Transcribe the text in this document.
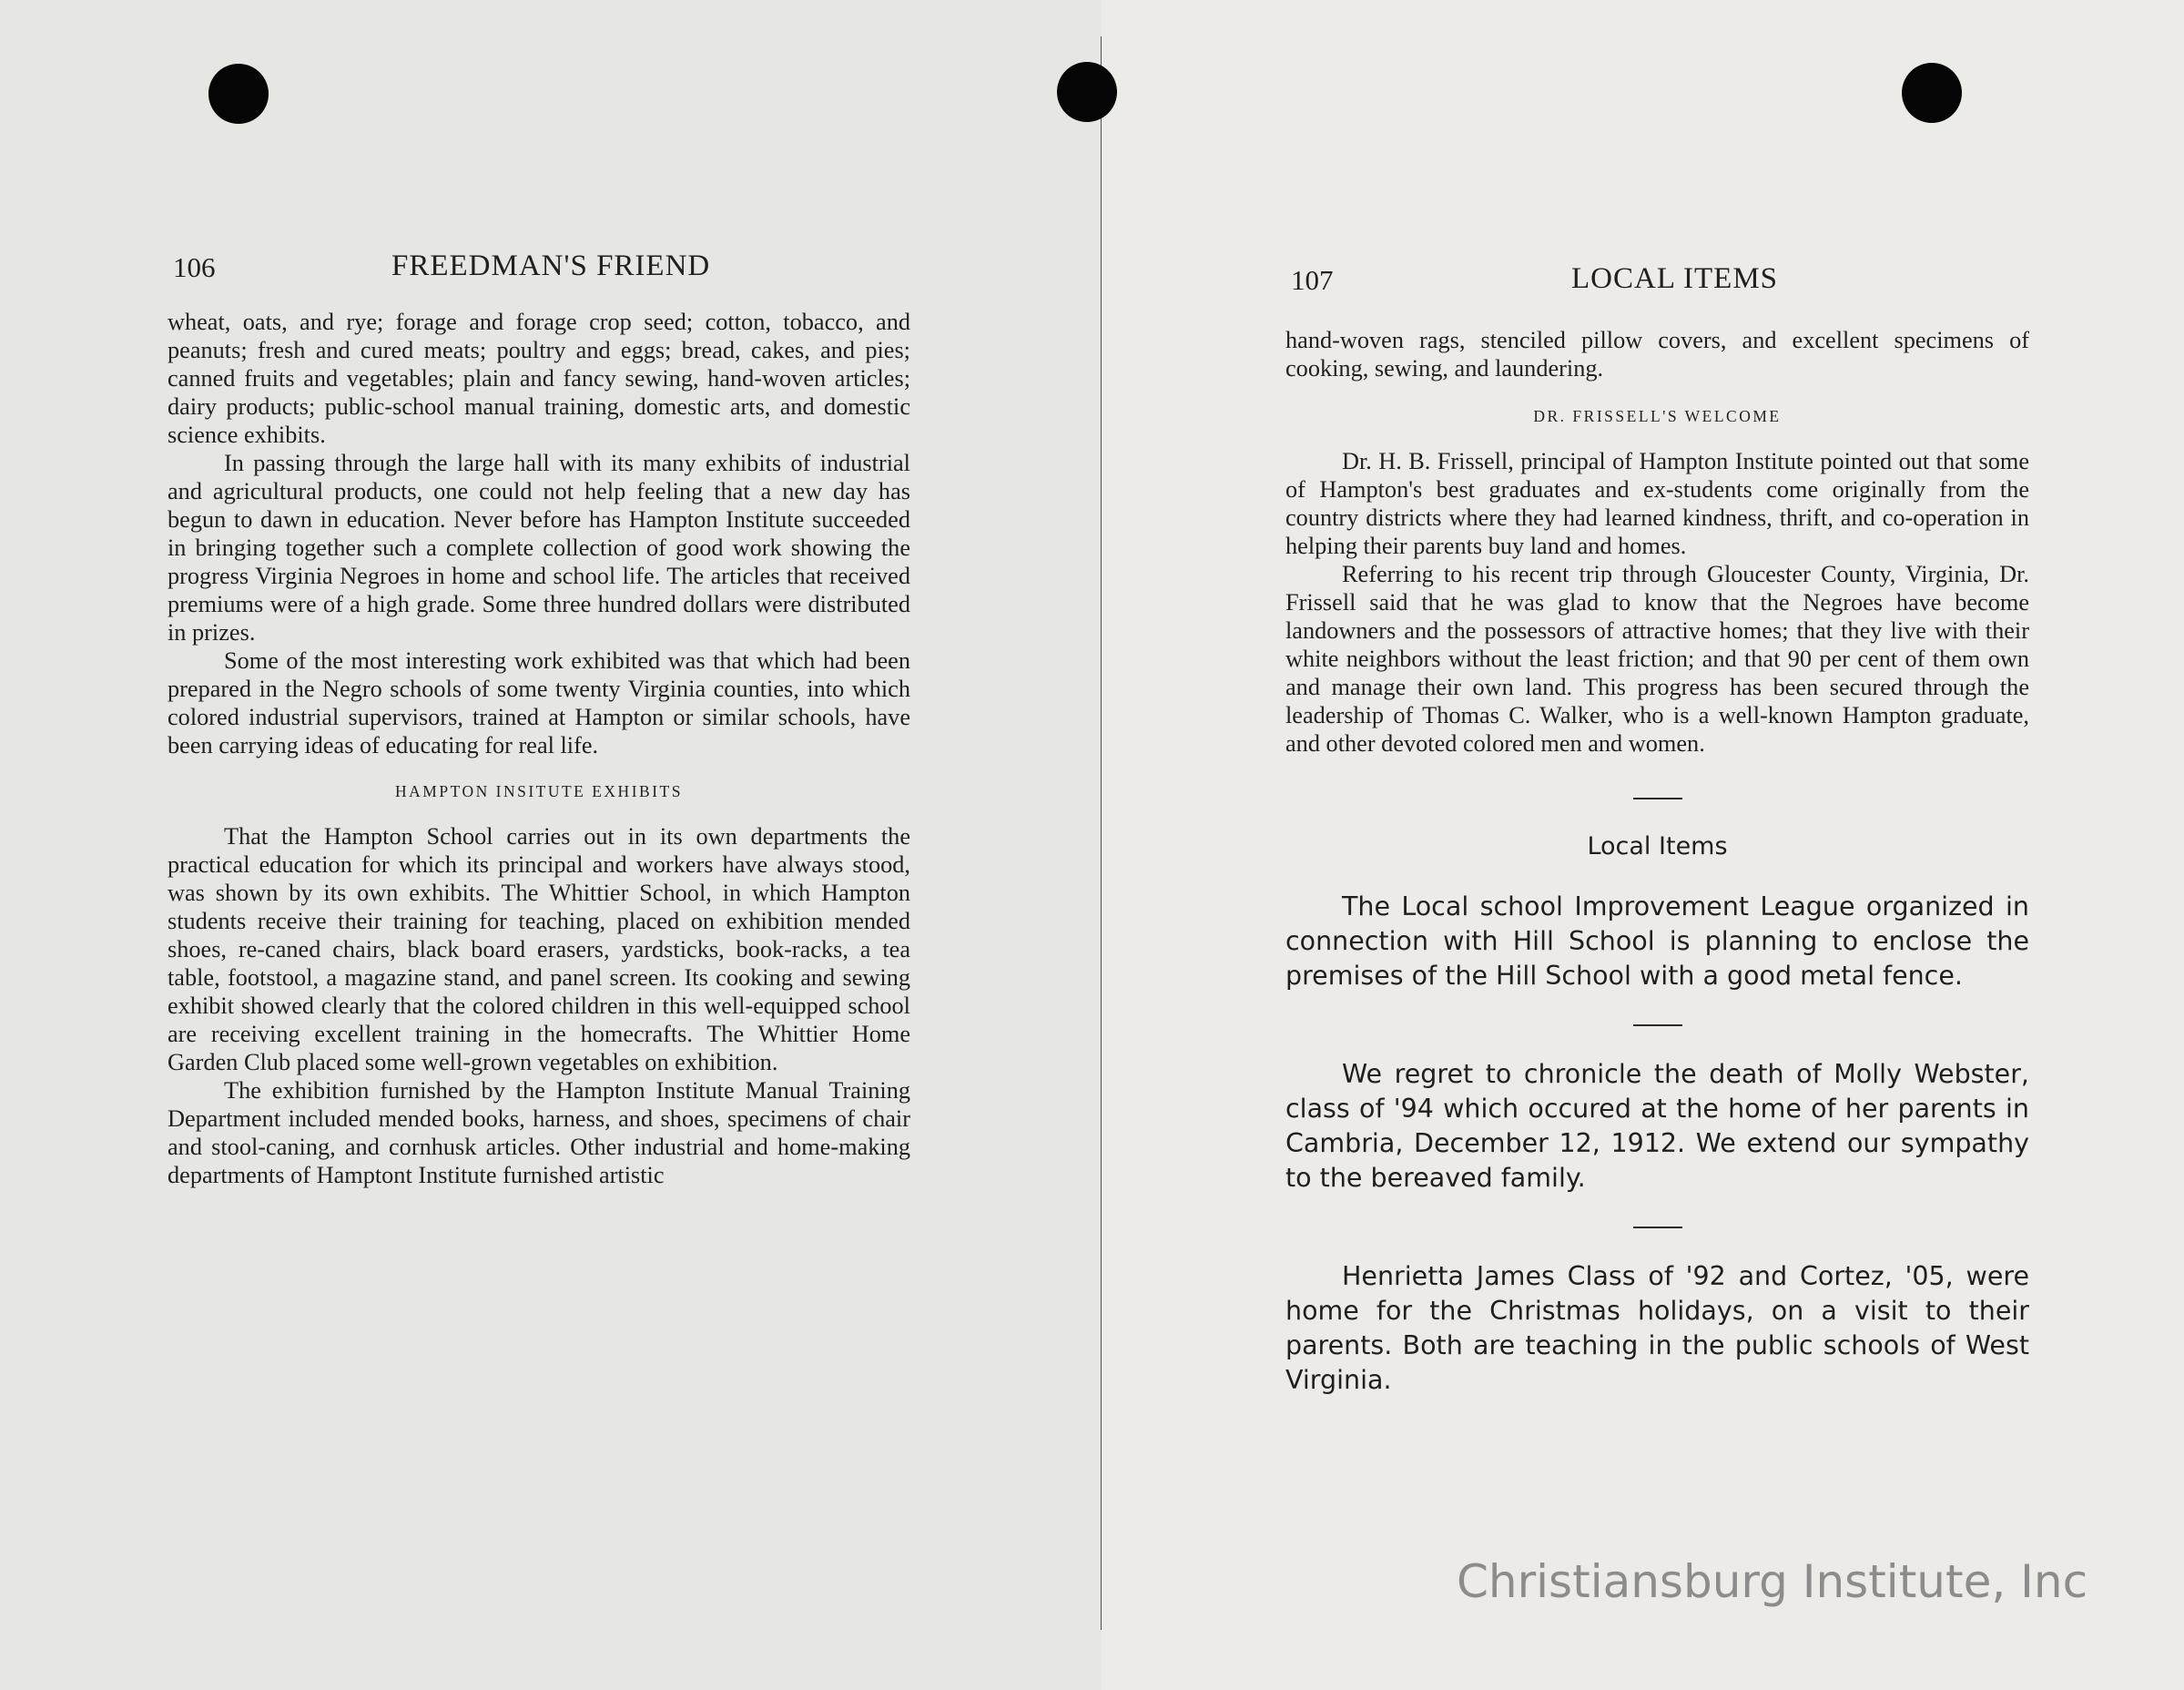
106	FREEDMAN'S FRIEND

wheat, oats, and rye; forage and forage crop seed; cotton, tobacco, and peanuts; fresh and cured meats; poultry and eggs; bread, cakes, and pies; canned fruits and vegetables; plain and fancy sewing, hand-woven articles; dairy products; public-school manual training, domestic arts, and domestic science exhibits.

In passing through the large hall with its many exhibits of industrial and agricultural products, one could not help feeling that a new day has begun to dawn in education. Never before has Hampton Institute succeeded in bringing together such a complete collection of good work showing the progress Virginia Negroes in home and school life. The articles that received premiums were of a high grade. Some three hundred dollars were distributed in prizes.

Some of the most interesting work exhibited was that which had been prepared in the Negro schools of some twenty Virginia counties, into which colored industrial supervisors, trained at Hampton or similar schools, have been carrying ideas of educating for real life.

HAMPTON INSITUTE EXHIBITS

That the Hampton School carries out in its own departments the practical education for which its principal and workers have always stood, was shown by its own exhibits. The Whittier School, in which Hampton students receive their training for teaching, placed on exhibition mended shoes, re-caned chairs, black board erasers, yardsticks, book-racks, a tea table, footstool, a magazine stand, and panel screen. Its cooking and sewing exhibit showed clearly that the colored children in this well-equipped school are receiving excellent training in the homecrafts. The Whittier Home Garden Club placed some well-grown vegetables on exhibition.

The exhibition furnished by the Hampton Institute Manual Training Department included mended books, harness, and shoes, specimens of chair and stool-caning, and cornhusk articles. Other industrial and home-making departments of Hamptont Institute furnished artistic

107	LOCAL ITEMS

hand-woven rags, stenciled pillow covers, and excellent specimens of cooking, sewing, and laundering.

DR. FRISSELL'S WELCOME

Dr. H. B. Frissell, principal of Hampton Institute pointed out that some of Hampton's best graduates and ex-students come originally from the country districts where they had learned kindness, thrift, and co-operation in helping their parents buy land and homes.

Referring to his recent trip through Gloucester County, Virginia, Dr. Frissell said that he was glad to know that the Negroes have become landowners and the possessors of attractive homes; that they live with their white neighbors without the least friction; and that 90 per cent of them own and manage their own land. This progress has been secured through the leadership of Thomas C. Walker, who is a well-known Hampton graduate, and other devoted colored men and women.

Local Items

The Local school Improvement League organized in connection with Hill School is planning to enclose the premises of the Hill School with a good metal fence.

We regret to chronicle the death of Molly Webster, class of '94 which occured at the home of her parents in Cambria, December 12, 1912. We extend our sympathy to the bereaved family.

Henrietta James Class of '92 and Cortez, '05, were home for the Christmas holidays, on a visit to their parents. Both are teaching in the public schools of West Virginia.

Christiansburg Institute, Inc
